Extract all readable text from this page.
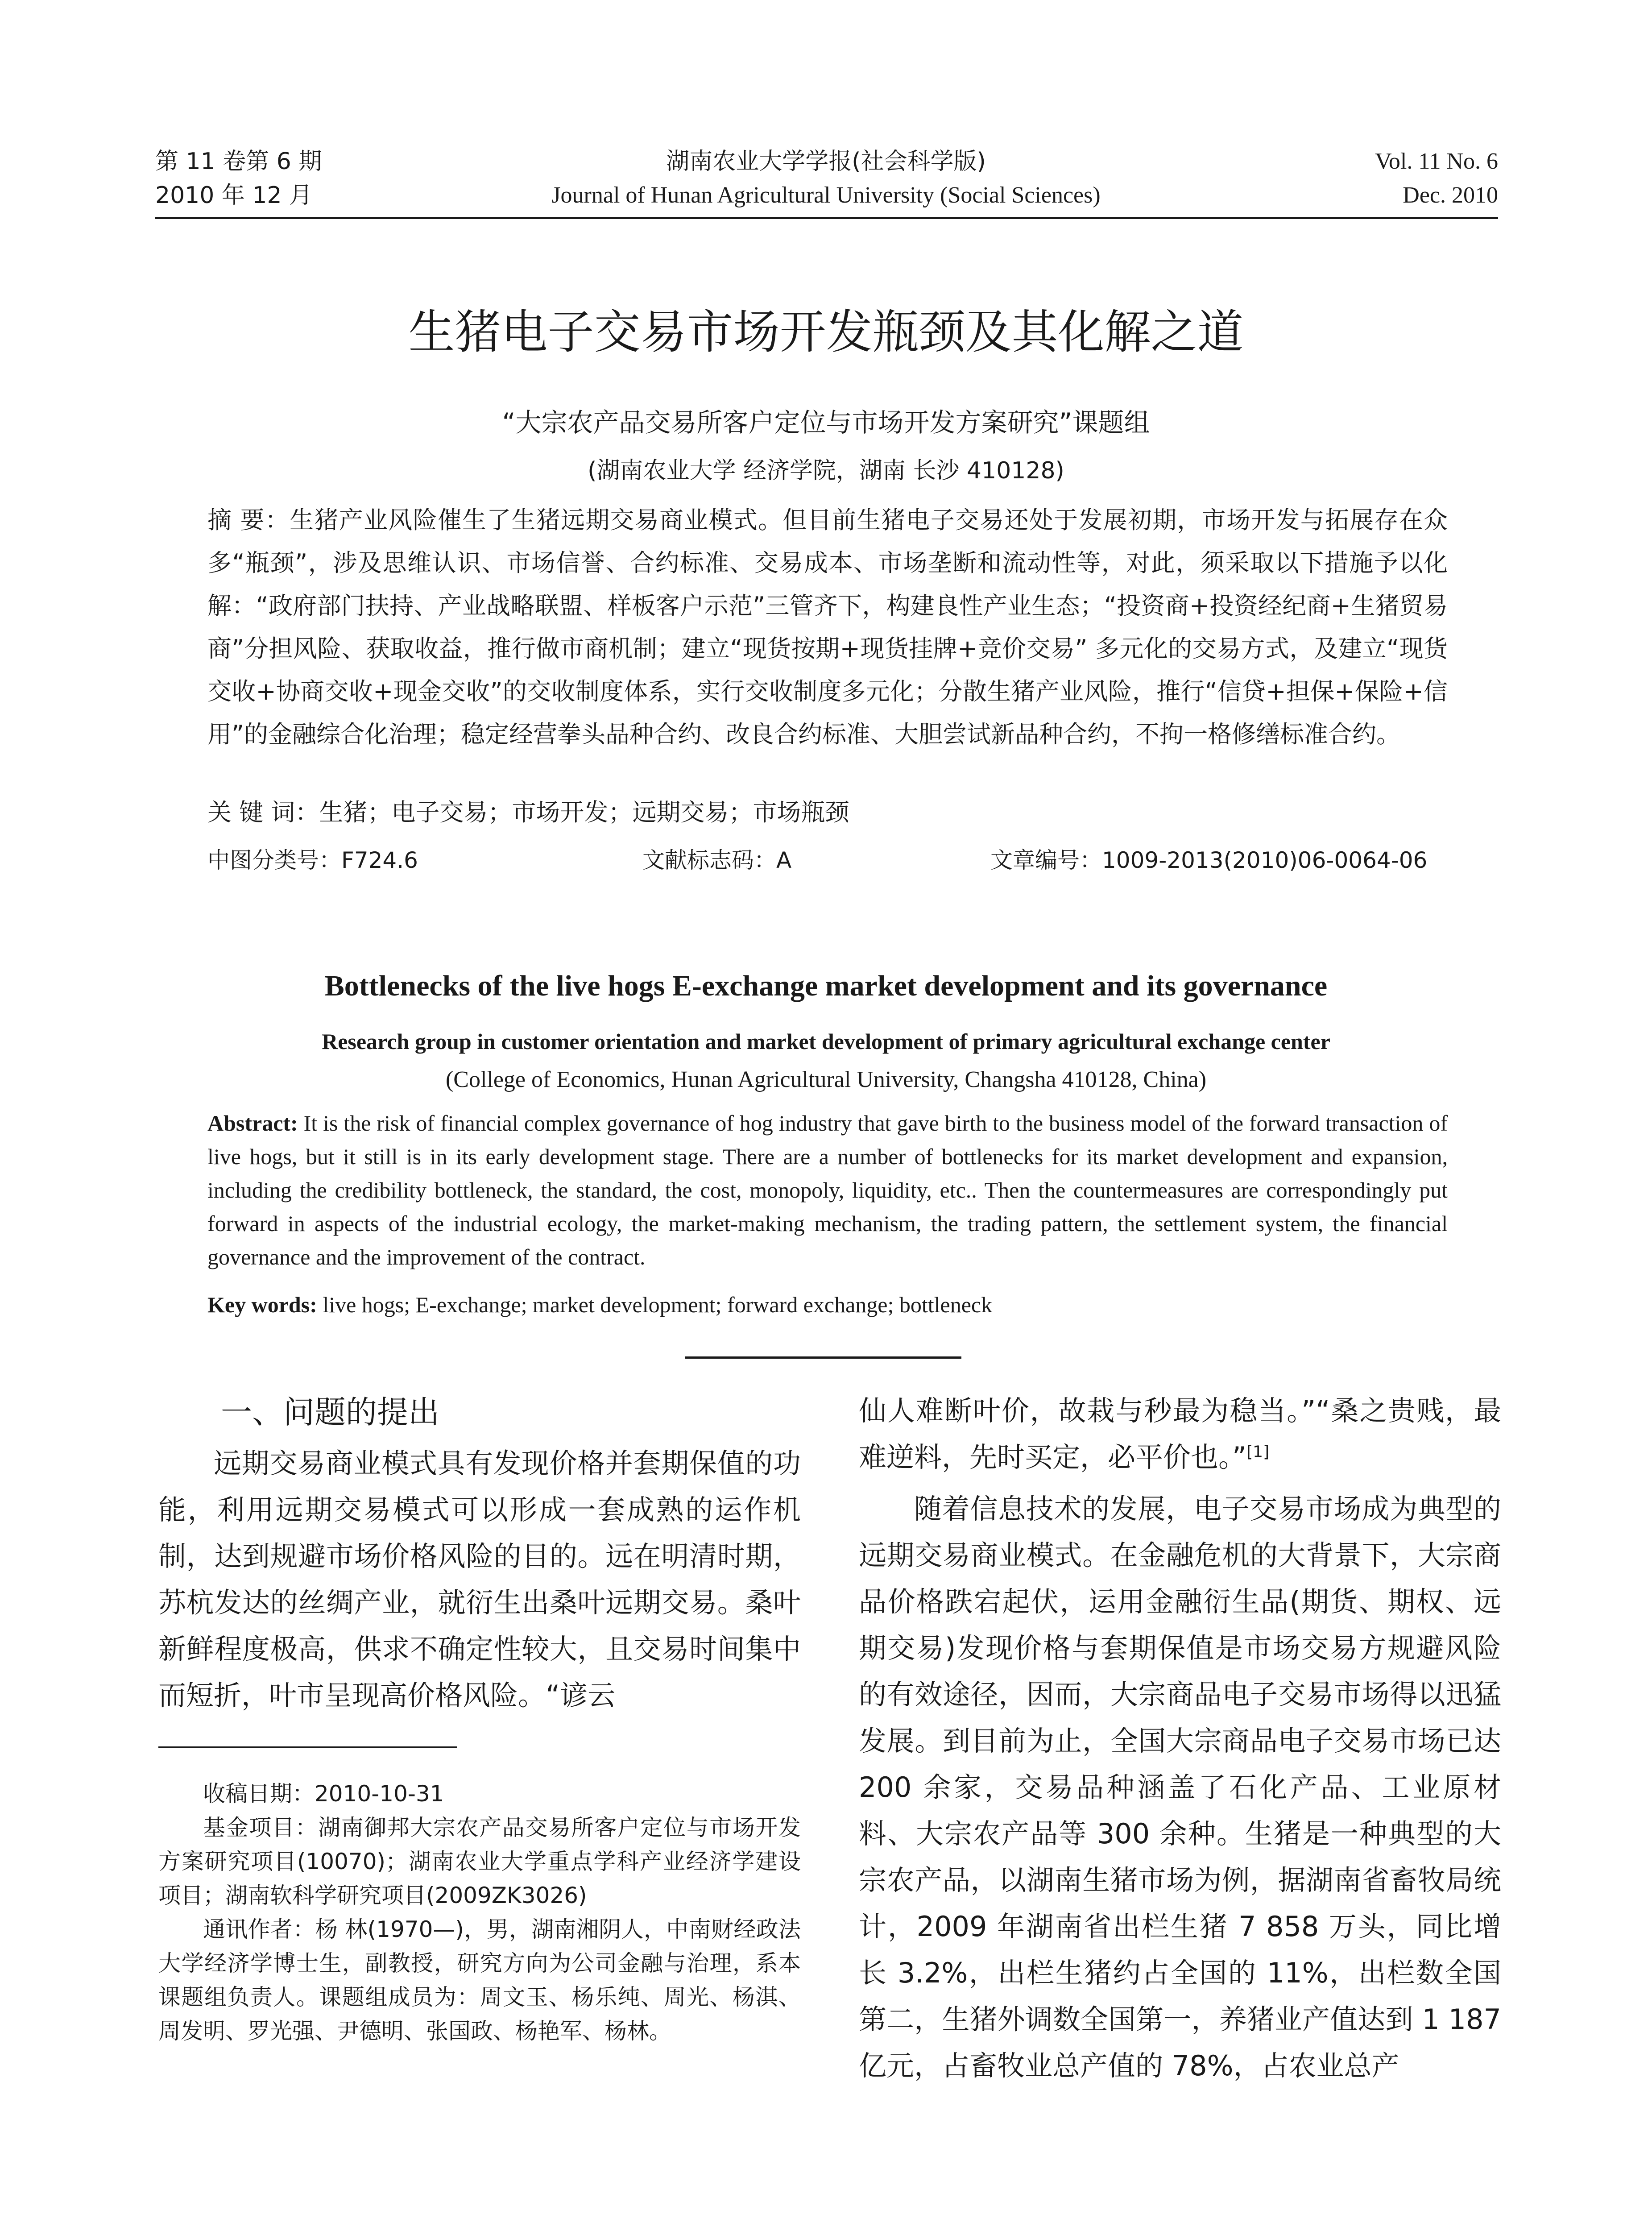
第 11 卷第 6 期
2010 年 12 月
湖南农业大学学报(社会科学版)
Journal of Hunan Agricultural University (Social Sciences)
Vol. 11 No. 6
Dec. 2010
生猪电子交易市场开发瓶颈及其化解之道
“大宗农产品交易所客户定位与市场开发方案研究”课题组
(湖南农业大学 经济学院，湖南 长沙 410128)
摘 要：生猪产业风险催生了生猪远期交易商业模式。但目前生猪电子交易还处于发展初期，市场开发与拓展存在众多“瓶颈”，涉及思维认识、市场信誉、合约标准、交易成本、市场垄断和流动性等，对此，须采取以下措施予以化解：“政府部门扶持、产业战略联盟、样板客户示范”三管齐下，构建良性产业生态；“投资商+投资经纪商+生猪贸易商”分担风险、获取收益，推行做市商机制；建立“现货按期+现货挂牌+竞价交易” 多元化的交易方式，及建立“现货交收+协商交收+现金交收”的交收制度体系，实行交收制度多元化；分散生猪产业风险，推行“信贷+担保+保险+信用”的金融综合化治理；稳定经营拳头品种合约、改良合约标准、大胆尝试新品种合约，不拘一格修缮标准合约。
关 键 词：生猪；电子交易；市场开发；远期交易；市场瓶颈
中图分类号：F724.6	文献标志码：A	文章编号：1009-2013(2010)06-0064-06
Bottlenecks of the live hogs E-exchange market development and its governance
Research group in customer orientation and market development of primary agricultural exchange center
(College of Economics, Hunan Agricultural University, Changsha 410128, China)
Abstract: It is the risk of financial complex governance of hog industry that gave birth to the business model of the forward transaction of live hogs, but it still is in its early development stage. There are a number of bottlenecks for its market development and expansion, including the credibility bottleneck, the standard, the cost, monopoly, liquidity, etc.. Then the countermeasures are correspondingly put forward in aspects of the industrial ecology, the market-making mechanism, the trading pattern, the settlement system, the financial governance and the improvement of the contract.
Key words: live hogs; E-exchange; market development; forward exchange; bottleneck
一、问题的提出
远期交易商业模式具有发现价格并套期保值的功能，利用远期交易模式可以形成一套成熟的运作机制，达到规避市场价格风险的目的。远在明清时期，苏杭发达的丝绸产业，就衍生出桑叶远期交易。桑叶新鲜程度极高，供求不确定性较大，且交易时间集中而短折，叶市呈现高价格风险。“谚云
收稿日期：2010-10-31
基金项目：湖南御邦大宗农产品交易所客户定位与市场开发方案研究项目(10070)；湖南农业大学重点学科产业经济学建设项目；湖南软科学研究项目(2009ZK3026)
通讯作者：杨 林(1970—)，男，湖南湘阴人，中南财经政法大学经济学博士生，副教授，研究方向为公司金融与治理，系本课题组负责人。课题组成员为：周文玉、杨乐纯、周光、杨淇、周发明、罗光强、尹德明、张国政、杨艳军、杨林。
仙人难断叶价，故栽与秒最为稳当。”“桑之贵贱，最难逆料，先时买定，必平价也。”[1]
随着信息技术的发展，电子交易市场成为典型的远期交易商业模式。在金融危机的大背景下，大宗商品价格跌宕起伏，运用金融衍生品(期货、期权、远期交易)发现价格与套期保值是市场交易方规避风险的有效途径，因而，大宗商品电子交易市场得以迅猛发展。到目前为止，全国大宗商品电子交易市场已达 200 余家，交易品种涵盖了石化产品、工业原材料、大宗农产品等 300 余种。生猪是一种典型的大宗农产品，以湖南生猪市场为例，据湖南省畜牧局统计，2009 年湖南省出栏生猪 7 858 万头，同比增长 3.2%，出栏生猪约占全国的 11%，出栏数全国第二，生猪外调数全国第一，养猪业产值达到 1 187 亿元，占畜牧业总产值的 78%，占农业总产
